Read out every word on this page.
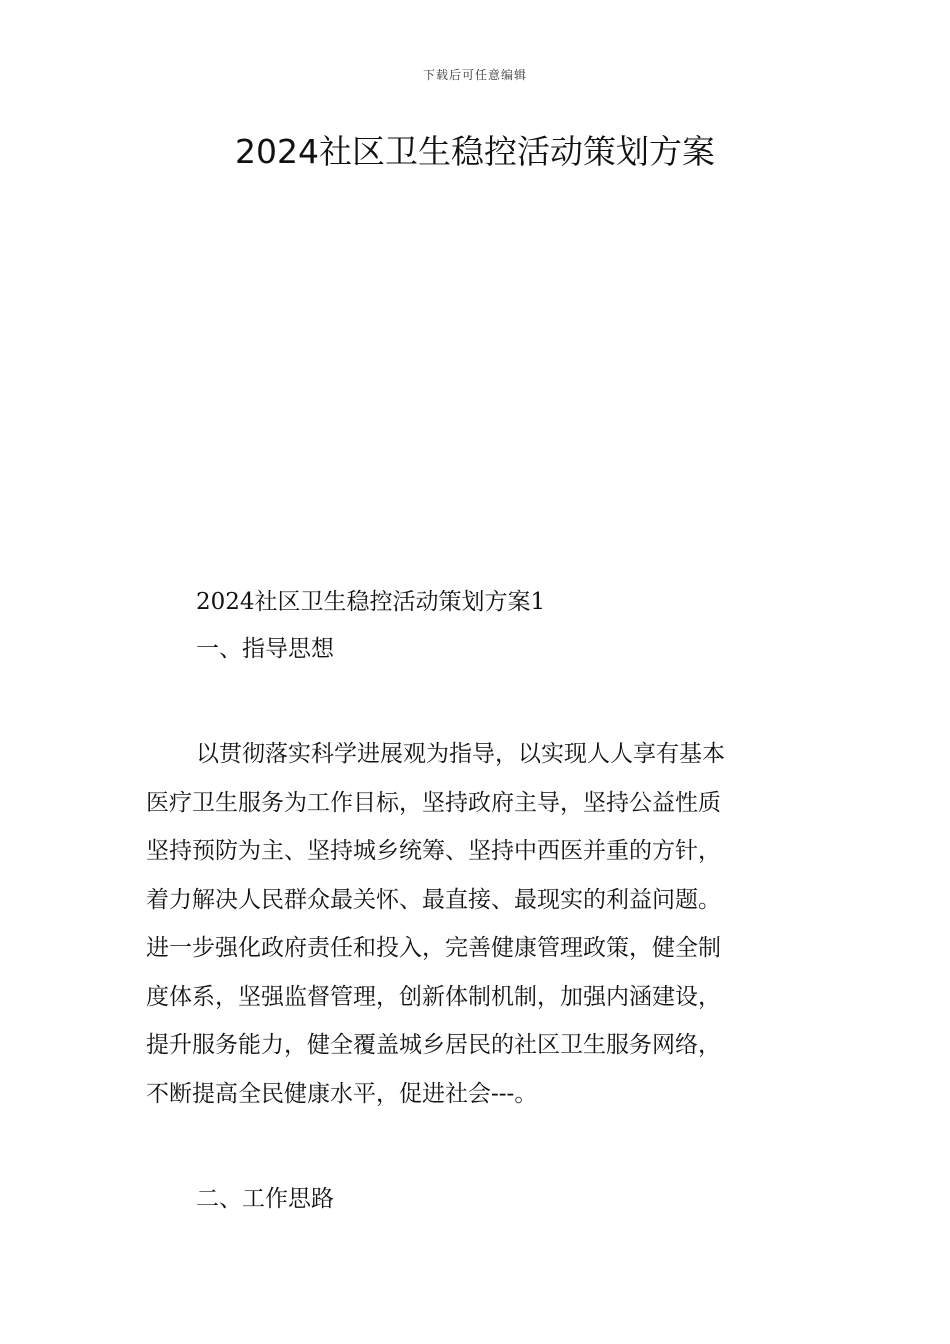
下载后可任意编辑
2024社区卫生稳控活动策划方案

2024社区卫生稳控活动策划方案1

一、指导思想

以贯彻落实科学进展观为指导，以实现人人享有基本
医疗卫生服务为工作目标，坚持政府主导，坚持公益性质
坚持预防为主、坚持城乡统筹、坚持中西医并重的方针，
着力解决人民群众最关怀、最直接、最现实的利益问题。
进一步强化政府责任和投入，完善健康管理政策，健全制
度体系，坚强监督管理，创新体制机制，加强内涵建设，
提升服务能力，健全覆盖城乡居民的社区卫生服务网络，
不断提高全民健康水平，促进社会---。

二、工作思路
